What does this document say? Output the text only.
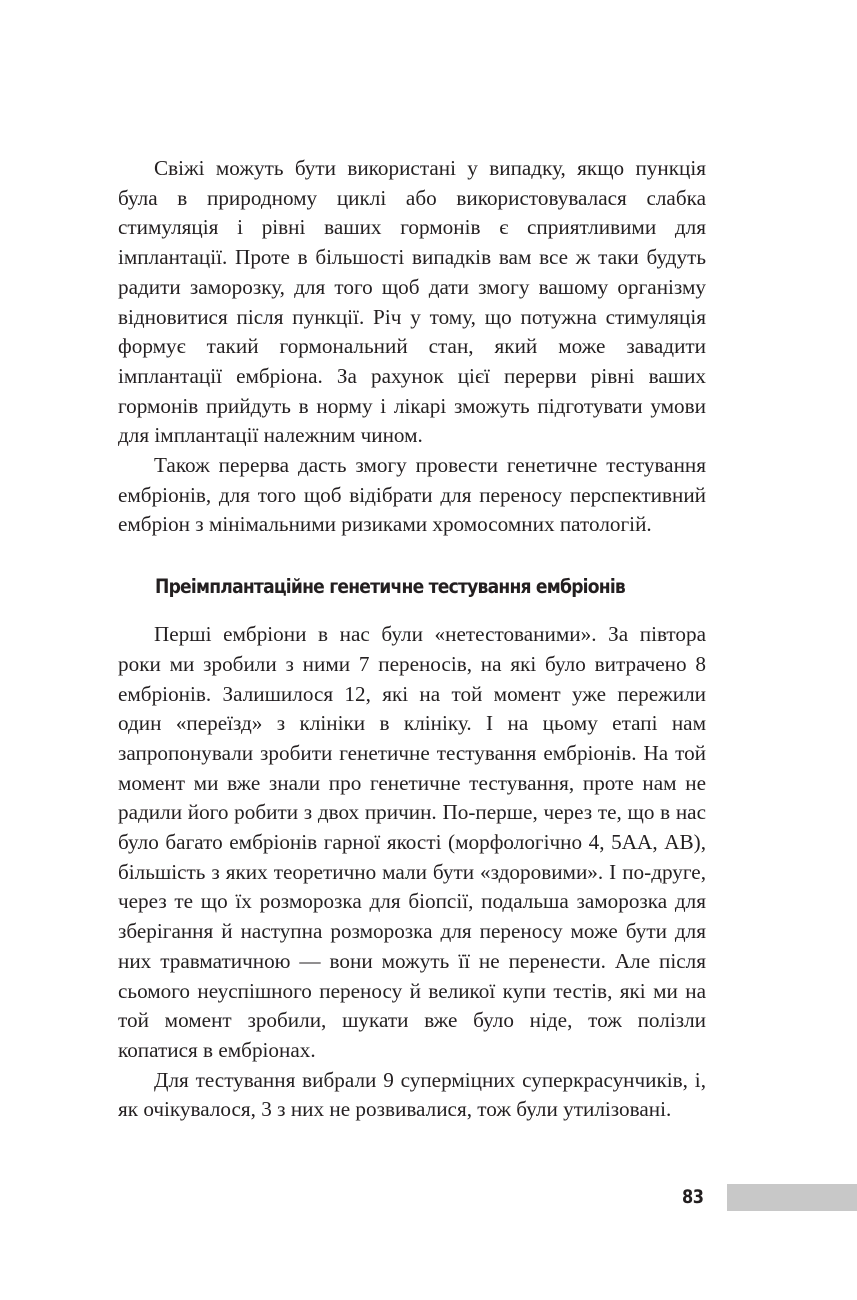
Свіжі можуть бути використані у випадку, якщо пункція була в природному циклі або використовувалася слабка стимуляція і рівні ваших гормонів є сприятливими для імплантації. Проте в більшості випадків вам все ж таки будуть радити заморозку, для того щоб дати змогу вашому організму відновитися після пункції. Річ у тому, що потужна стимуляція формує такий гормональний стан, який може завадити імплантації ембріона. За рахунок цієї перерви рівні ваших гормонів прийдуть в норму і лікарі зможуть підготувати умови для імплантації належним чином.

Також перерва дасть змогу провести генетичне тестування ембріонів, для того щоб відібрати для переносу перспективний ембріон з мінімальними ризиками хромосомних патологій.

Преімплантаційне генетичне тестування ембріонів

Перші ембріони в нас були «нетестованими». За півтора роки ми зробили з ними 7 переносів, на які було витрачено 8 ембріонів. Залишилося 12, які на той момент уже пережили один «переїзд» з клініки в клініку. І на цьому етапі нам запропонували зробити генетичне тестування ембріонів. На той момент ми вже знали про генетичне тестування, проте нам не радили його робити з двох причин. По-перше, через те, що в нас було багато ембріонів гарної якості (морфологічно 4, 5АА, АВ), більшість з яких теоретично мали бути «здоровими». І по-друге, через те що їх розморозка для біопсії, подальша заморозка для зберігання й наступна розморозка для переносу може бути для них травматичною — вони можуть її не перенести. Але після сьомого неуспішного переносу й великої купи тестів, які ми на той момент зробили, шукати вже було ніде, тож полізли копатися в ембріонах.

Для тестування вибрали 9 суперміцних суперкрасунчиків, і, як очікувалося, 3 з них не розвивалися, тож були утилізовані.

83
